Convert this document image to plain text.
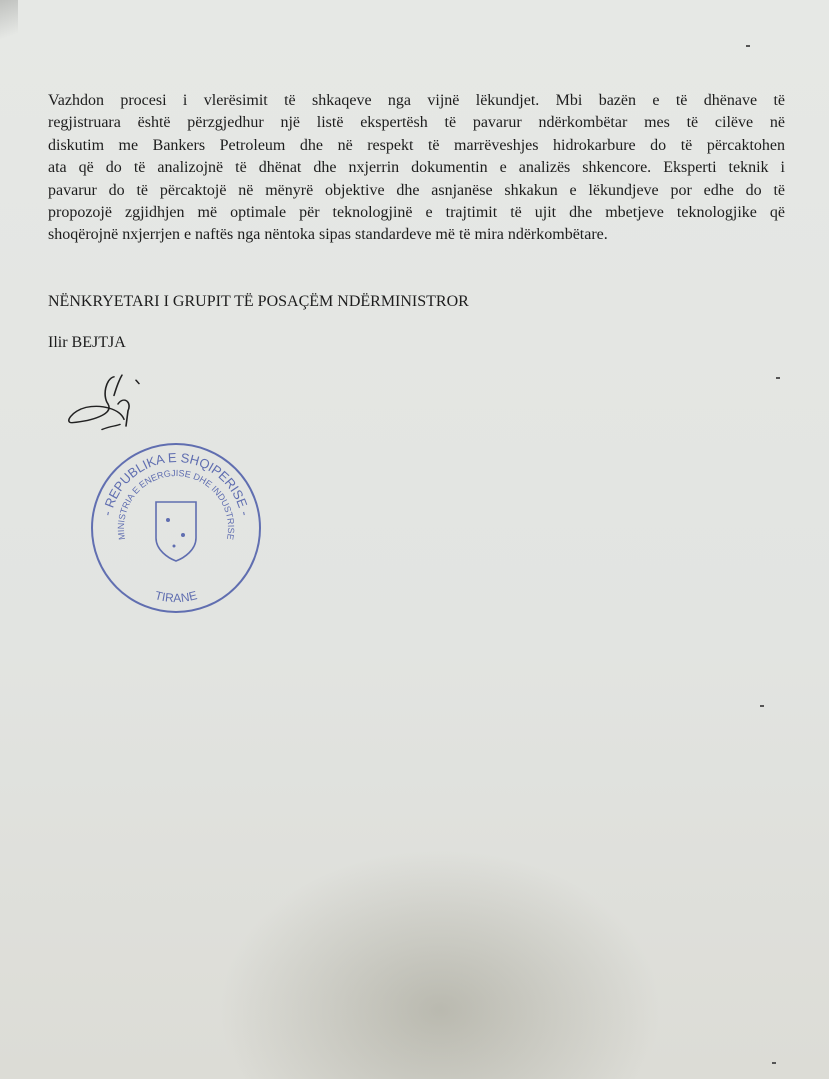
Vazhdon procesi i vlerësimit të shkaqeve nga vijnë lëkundjet. Mbi bazën e të dhënave të
regjistruara është përzgjedhur një listë ekspertësh të pavarur ndërkombëtar mes të cilëve në
diskutim me Bankers Petroleum dhe në respekt të marrëveshjes hidrokarbure do të përcaktohen
ata që do të analizojnë të dhënat dhe nxjerrin dokumentin e analizës shkencore. Eksperti teknik i
pavarur do të përcaktojë në mënyrë objektive dhe asnjanëse shkakun e lëkundjeve por edhe do të
propozojë zgjidhjen më optimale për teknologjinë e trajtimit të ujit dhe mbetjeve teknologjike që
shoqërojnë nxjerrjen e naftës nga nëntoka sipas standardeve më të mira ndërkombëtare.
NËNKRYETARI I GRUPIT TË POSAÇËM NDËRMINISTROR
Ilir BEJTJA
- REPUBLIKA E SHQIPERISE -
MINISTRIA E ENERGJISE DHE INDUSTRISE
TIRANE
